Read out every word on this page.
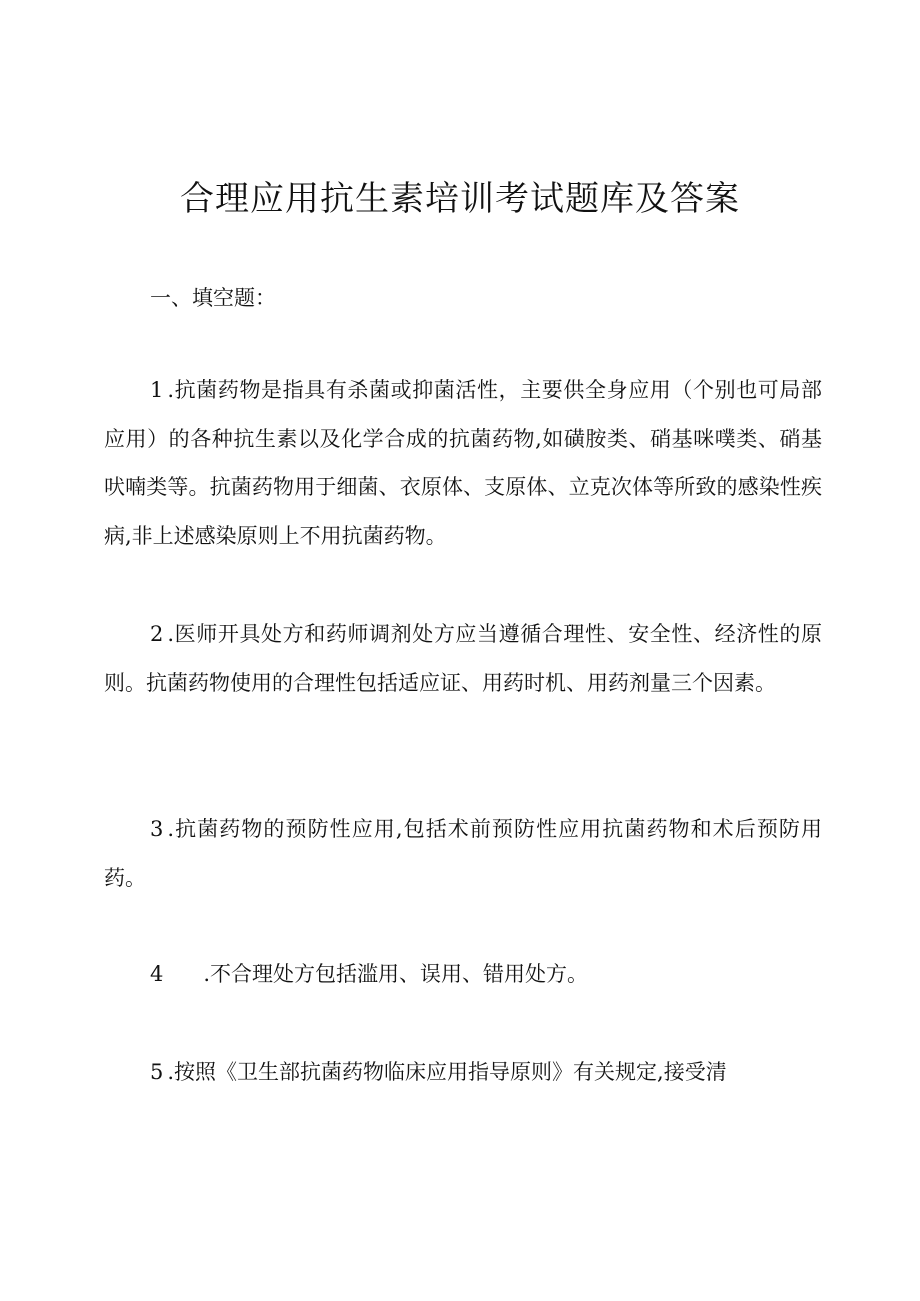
合理应用抗生素培训考试题库及答案
一、填空题：
1 .抗菌药物是指具有杀菌或抑菌活性，主要供全身应用（个别也可局部应用）的各种抗生素以及化学合成的抗菌药物,如磺胺类、硝基咪噗类、硝基吠喃类等。抗菌药物用于细菌、衣原体、支原体、立克次体等所致的感染性疾病,非上述感染原则上不用抗菌药物。
2 .医师开具处方和药师调剂处方应当遵循合理性、安全性、经济性的原则。抗菌药物使用的合理性包括适应证、用药时机、用药剂量三个因素。
3 .抗菌药物的预防性应用,包括术前预防性应用抗菌药物和术后预防用药。
4 .不合理处方包括滥用、误用、错用处方。
5 .按照《卫生部抗菌药物临床应用指导原则》有关规定,接受清
